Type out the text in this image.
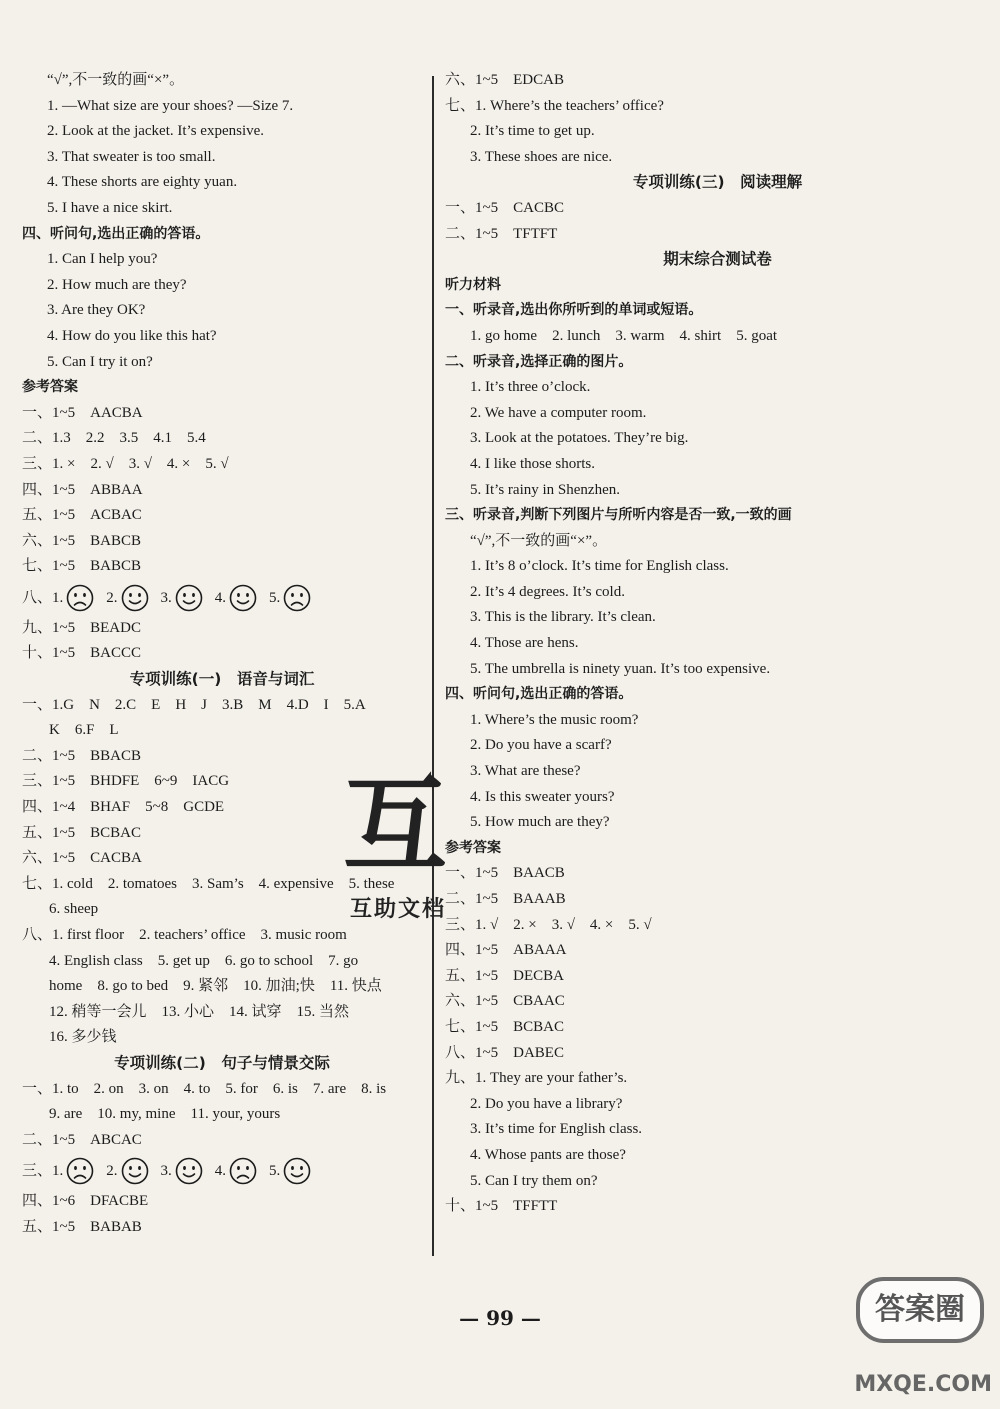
“√”,不一致的画“×”。
1. —What size are your shoes? —Size 7.
2. Look at the jacket. It’s expensive.
3. That sweater is too small.
4. These shorts are eighty yuan.
5. I have a nice skirt.
四、听问句,选出正确的答语。
1. Can I help you?
2. How much are they?
3. Are they OK?
4. How do you like this hat?
5. Can I try it on?
参考答案
一、1~5　AACBA
二、1.3　2.2　3.5　4.1　5.4
三、1. ×　2. √　3. √　4. ×　5. √
四、1~5　ABBAA
五、1~5　ACBAC
六、1~5　BABCB
七、1~5　BABCB
八、 1.	2.	3.	4.	5.
九、1~5　BEADC
十、1~5　BACCC
专项训练(一)　语音与词汇
一、1.G　N　2.C　E　H　J　3.B　M　4.D　I　5.A
K　6.F　L
二、1~5　BBACB
三、1~5　BHDFE　6~9　IACG
四、1~4　BHAF　5~8　GCDE
五、1~5　BCBAC
六、1~5　CACBA
七、1. cold　2. tomatoes　3. Sam’s　4. expensive　5. these
6. sheep
八、1. first floor　2. teachers’ office　3. music room
4. English class　5. get up　6. go to school　7. go
home　8. go to bed　9. 紧邻　10. 加油;快　11. 快点
12. 稍等一会儿　13. 小心　14. 试穿　15. 当然
16. 多少钱
专项训练(二)　句子与情景交际
一、1. to　2. on　3. on　4. to　5. for　6. is　7. are　8. is
9. are　10. my, mine　11. your, yours
二、1~5　ABCAC
三、 1.	2.	3.	4.	5.
四、1~6　DFACBE
五、1~5　BABAB
六、1~5　EDCAB
七、1. Where’s the teachers’ office?
2. It’s time to get up.
3. These shoes are nice.
专项训练(三)　阅读理解
一、1~5　CACBC
二、1~5　TFTFT
期末综合测试卷
听力材料
一、听录音,选出你所听到的单词或短语。
1. go home　2. lunch　3. warm　4. shirt　5. goat
二、听录音,选择正确的图片。
1. It’s three o’clock.
2. We have a computer room.
3. Look at the potatoes. They’re big.
4. I like those shorts.
5. It’s rainy in Shenzhen.
三、听录音,判断下列图片与所听内容是否一致,一致的画
“√”,不一致的画“×”。
1. It’s 8 o’clock. It’s time for English class.
2. It’s 4 degrees. It’s cold.
3. This is the library. It’s clean.
4. Those are hens.
5. The umbrella is ninety yuan. It’s too expensive.
四、听问句,选出正确的答语。
1. Where’s the music room?
2. Do you have a scarf?
3. What are these?
4. Is this sweater yours?
5. How much are they?
参考答案
一、1~5　BAACB
二、1~5　BAAAB
三、1. √　2. ×　3. √　4. ×　5. √
四、1~5　ABAAA
五、1~5　DECBA
六、1~5　CBAAC
七、1~5　BCBAC
八、1~5　DABEC
九、1. They are your father’s.
2. Do you have a library?
3. It’s time for English class.
4. Whose pants are those?
5. Can I try them on?
十、1~5　TFFTT
互
互助文档
— 99 —	答案圈
MXQE.COM
